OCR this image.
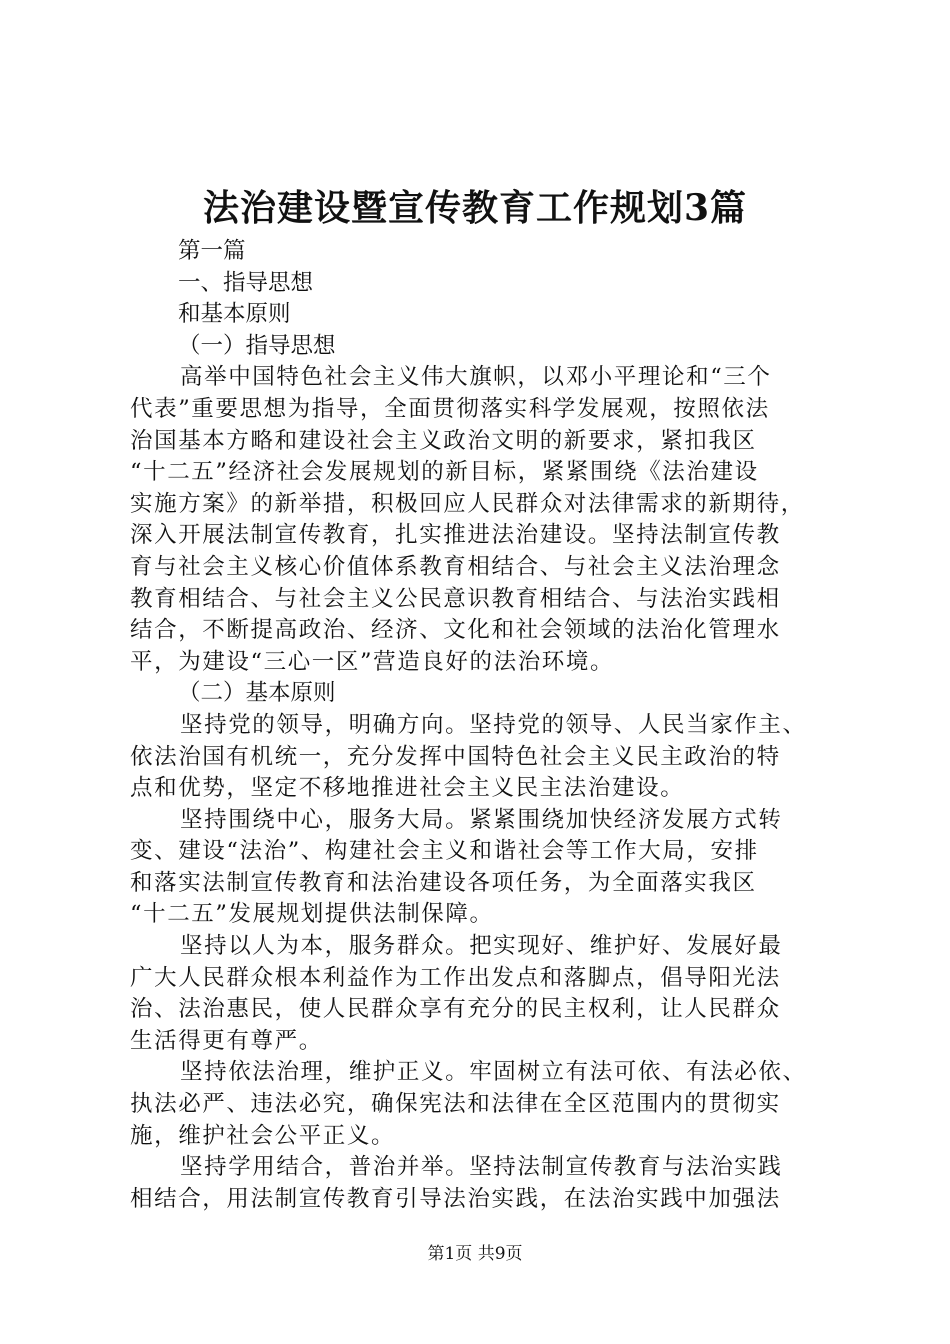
法治建设暨宣传教育工作规划3篇

第一篇

一、指导思想

和基本原则

（一）指导思想

高举中国特色社会主义伟大旗帜，以邓小平理论和“三个
代表”重要思想为指导，全面贯彻落实科学发展观，按照依法
治国基本方略和建设社会主义政治文明的新要求，紧扣我区
“十二五”经济社会发展规划的新目标，紧紧围绕《法治建设
实施方案》的新举措，积极回应人民群众对法律需求的新期待，
深入开展法制宣传教育，扎实推进法治建设。坚持法制宣传教
育与社会主义核心价值体系教育相结合、与社会主义法治理念
教育相结合、与社会主义公民意识教育相结合、与法治实践相
结合，不断提高政治、经济、文化和社会领域的法治化管理水
平，为建设“三心一区”营造良好的法治环境。

（二）基本原则

坚持党的领导，明确方向。坚持党的领导、人民当家作主、
依法治国有机统一，充分发挥中国特色社会主义民主政治的特
点和优势，坚定不移地推进社会主义民主法治建设。

坚持围绕中心，服务大局。紧紧围绕加快经济发展方式转
变、建设“法治”、构建社会主义和谐社会等工作大局，安排
和落实法制宣传教育和法治建设各项任务，为全面落实我区
“十二五”发展规划提供法制保障。

坚持以人为本，服务群众。把实现好、维护好、发展好最
广大人民群众根本利益作为工作出发点和落脚点，倡导阳光法
治、法治惠民，使人民群众享有充分的民主权利，让人民群众
生活得更有尊严。

坚持依法治理，维护正义。牢固树立有法可依、有法必依、
执法必严、违法必究，确保宪法和法律在全区范围内的贯彻实
施，维护社会公平正义。

坚持学用结合，普治并举。坚持法制宣传教育与法治实践
相结合，用法制宣传教育引导法治实践，在法治实践中加强法

第1页 共9页
